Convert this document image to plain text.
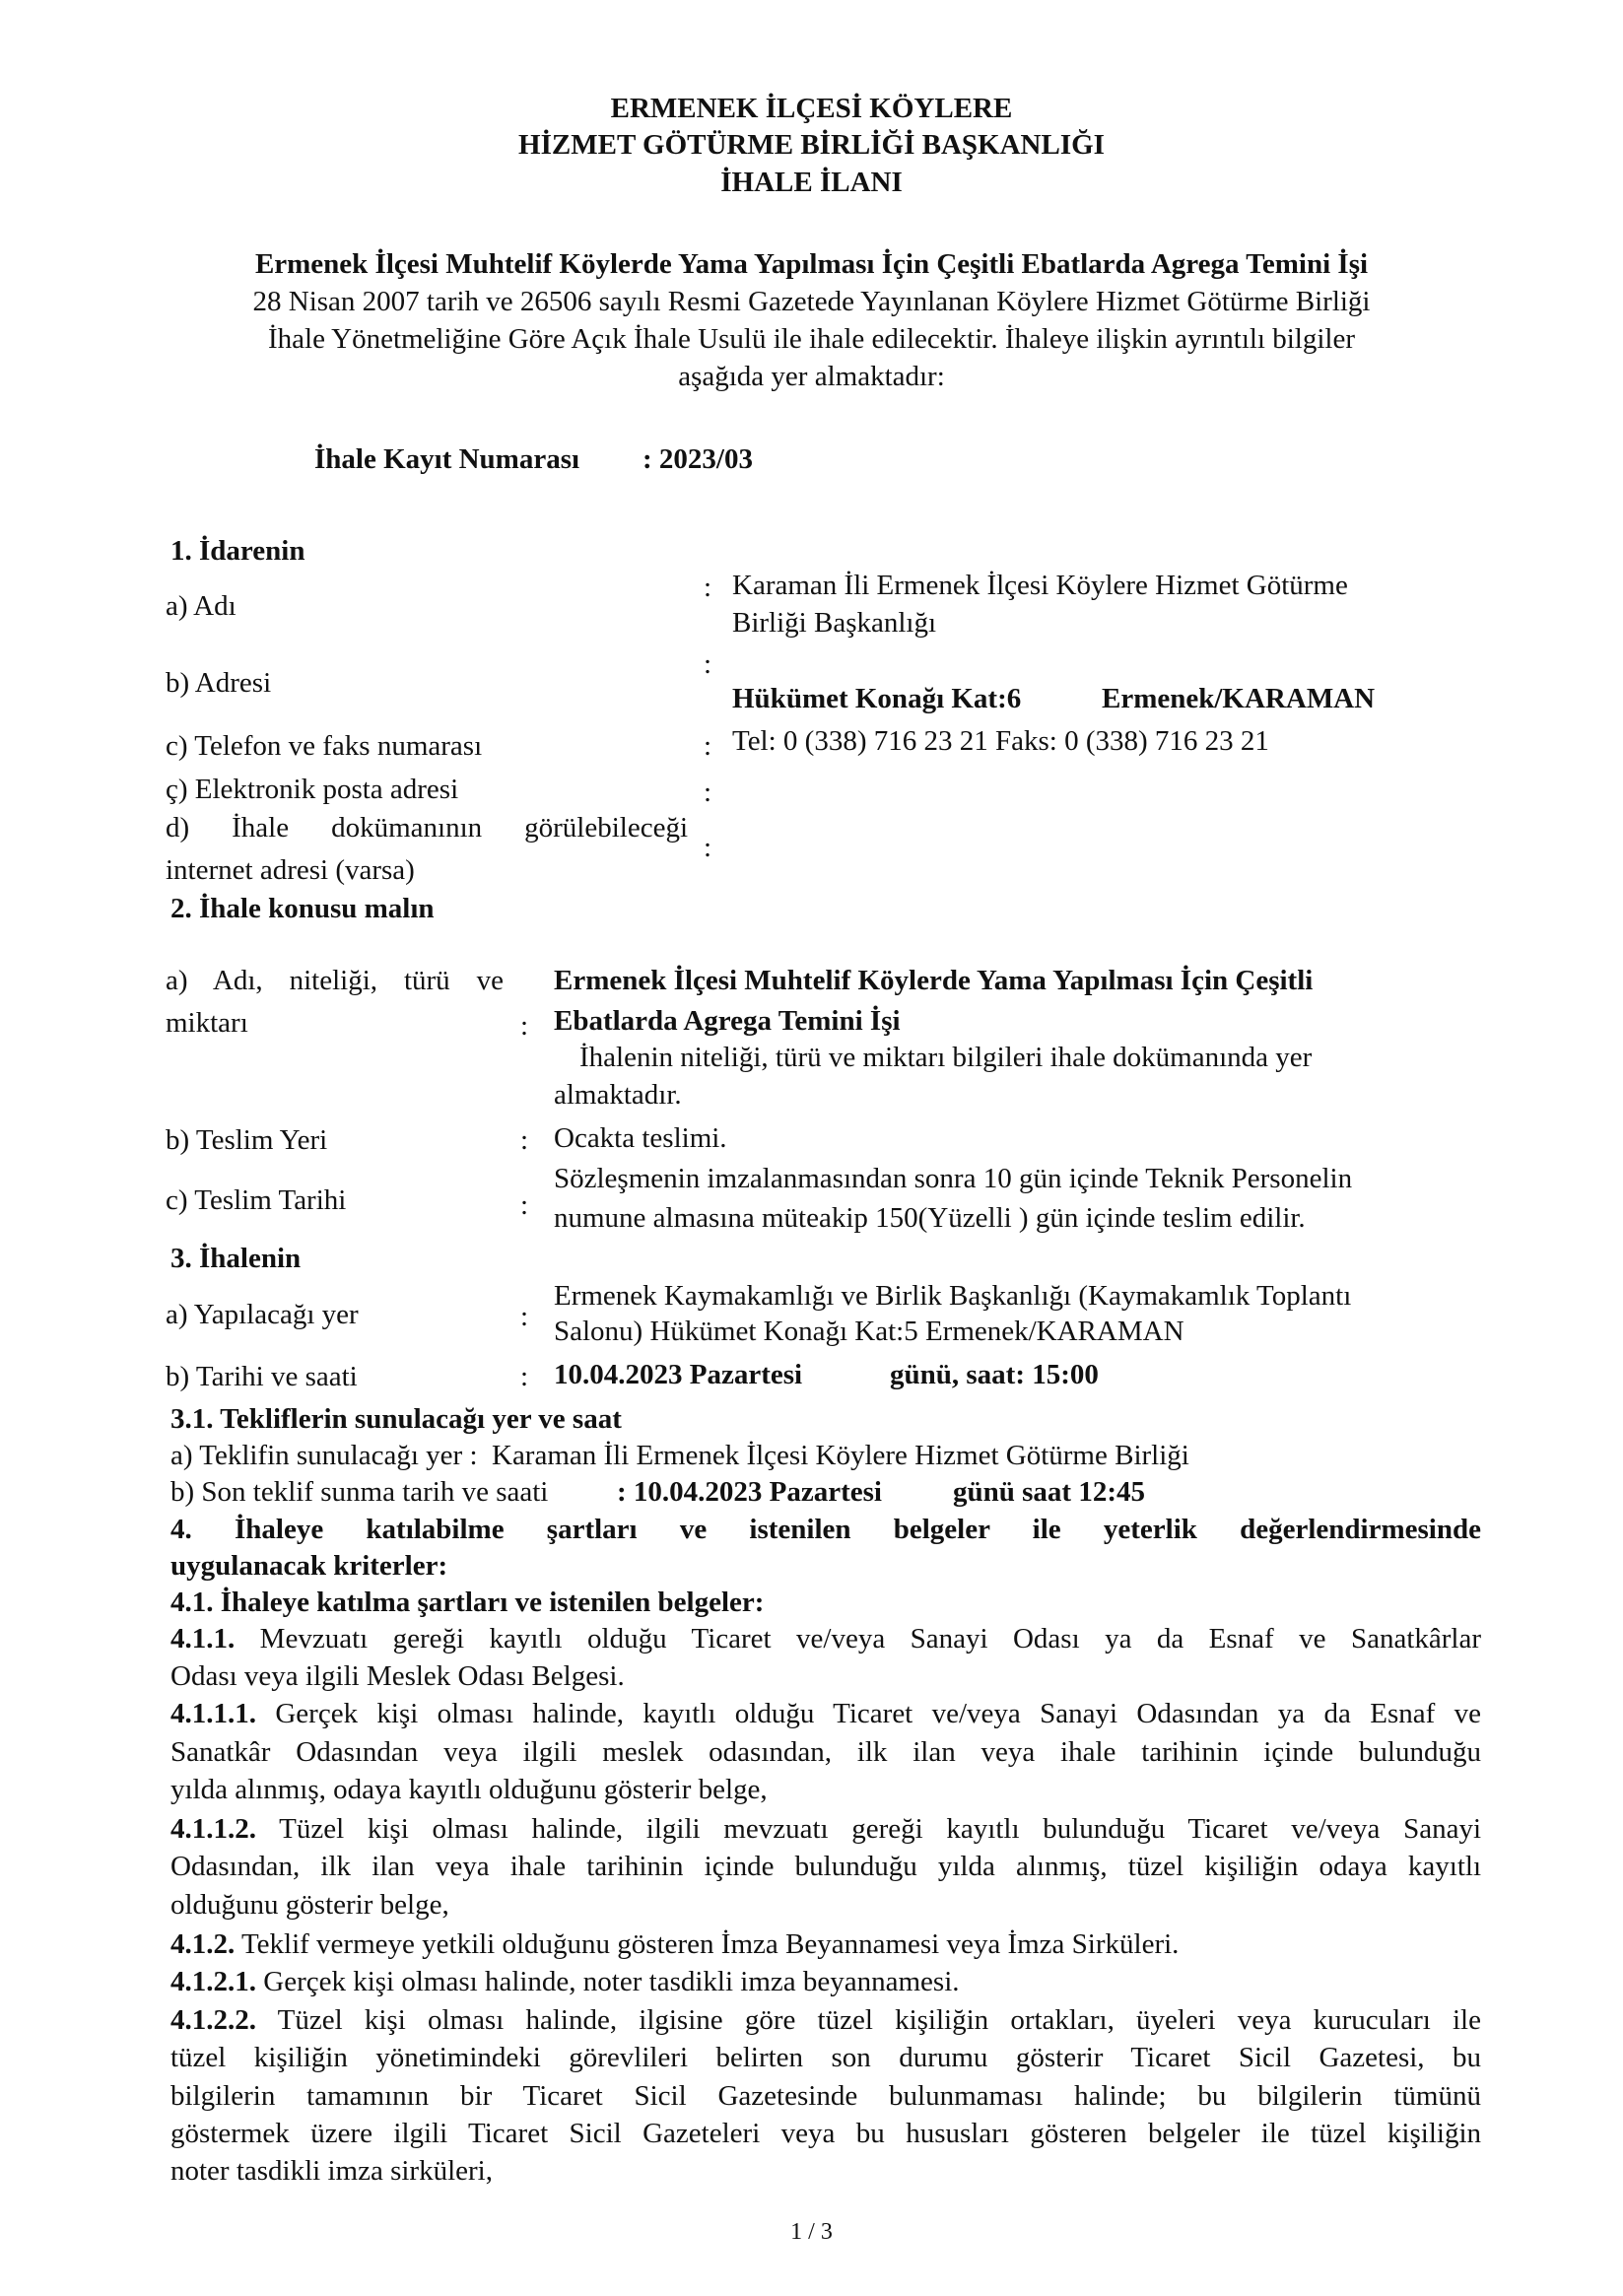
ERMENEK İLÇESİ KÖYLERE
HİZMET GÖTÜRME BİRLİĞİ BAŞKANLIĞI
İHALE İLANI
Ermenek İlçesi Muhtelif Köylerde Yama Yapılması İçin Çeşitli Ebatlarda Agrega Temini İşi
28 Nisan 2007 tarih ve 26506 sayılı Resmi Gazetede Yayınlanan Köylere Hizmet Götürme Birliği
İhale Yönetmeliğine Göre Açık İhale Usulü ile ihale edilecektir. İhaleye ilişkin ayrıntılı bilgiler
aşağıda yer almaktadır:
İhale Kayıt Numarası : 2023/03
1. İdarenin
a) Adı
: Karaman İli Ermenek İlçesi Köylere Hizmet Götürme
Birliği Başkanlığı
b) Adresi
:
Hükümet Konağı Kat:6	Ermenek/KARAMAN
c) Telefon ve faks numarası	: Tel: 0 (338) 716 23 21 Faks: 0 (338) 716 23 21
ç) Elektronik posta adresi	:
d) İhale dokümanının görülebileceği
internet adresi (varsa)
:
2. İhale konusu malın
a) Adı, niteliği, türü ve
miktarı	:
Ermenek İlçesi Muhtelif Köylerde Yama Yapılması İçin Çeşitli
Ebatlarda Agrega Temini İşi
İhalenin niteliği, türü ve miktarı bilgileri ihale dokümanında yer
almaktadır.
b) Teslim Yeri	: Ocakta teslimi.
c) Teslim Tarihi	:
Sözleşmenin imzalanmasından sonra 10 gün içinde Teknik Personelin
numune almasına müteakip 150(Yüzelli ) gün içinde teslim edilir.
3. İhalenin
a) Yapılacağı yer	:
Ermenek Kaymakamlığı ve Birlik Başkanlığı (Kaymakamlık Toplantı
Salonu) Hükümet Konağı Kat:5 Ermenek/KARAMAN
b) Tarihi ve saati	: 10.04.2023 Pazartesi	günü, saat: 15:00
3.1. Tekliflerin sunulacağı yer ve saat
a) Teklifin sunulacağı yer :  Karaman İli Ermenek İlçesi Köylere Hizmet Götürme Birliği
b) Son teklif sunma tarih ve saati : 10.04.2023 Pazartesi günü saat 12:45
4.  İhaleye  katılabilme  şartları  ve  istenilen  belgeler  ile  yeterlik  değerlendirmesinde
uygulanacak kriterler:
4.1. İhaleye katılma şartları ve istenilen belgeler:
4.1.1. Mevzuatı gereği kayıtlı olduğu Ticaret ve/veya Sanayi Odası ya da Esnaf ve Sanatkârlar
Odası veya ilgili Meslek Odası Belgesi.
4.1.1.1. Gerçek kişi olması halinde, kayıtlı olduğu Ticaret ve/veya Sanayi Odasından ya da Esnaf ve
Sanatkâr Odasından veya ilgili meslek odasından, ilk ilan veya ihale tarihinin içinde bulunduğu
yılda alınmış, odaya kayıtlı olduğunu gösterir belge,
4.1.1.2. Tüzel kişi olması halinde, ilgili mevzuatı gereği kayıtlı bulunduğu Ticaret ve/veya Sanayi
Odasından, ilk ilan veya ihale tarihinin içinde bulunduğu yılda alınmış, tüzel kişiliğin odaya kayıtlı
olduğunu gösterir belge,
4.1.2. Teklif vermeye yetkili olduğunu gösteren İmza Beyannamesi veya İmza Sirküleri.
4.1.2.1. Gerçek kişi olması halinde, noter tasdikli imza beyannamesi.
4.1.2.2. Tüzel kişi olması halinde, ilgisine göre tüzel kişiliğin ortakları, üyeleri veya kurucuları ile
tüzel kişiliğin yönetimindeki görevlileri belirten son durumu gösterir Ticaret Sicil Gazetesi, bu
bilgilerin tamamının bir Ticaret Sicil Gazetesinde bulunmaması halinde; bu bilgilerin tümünü
göstermek üzere ilgili Ticaret Sicil Gazeteleri veya bu hususları gösteren belgeler ile tüzel kişiliğin
noter tasdikli imza sirküleri,
1 / 3
